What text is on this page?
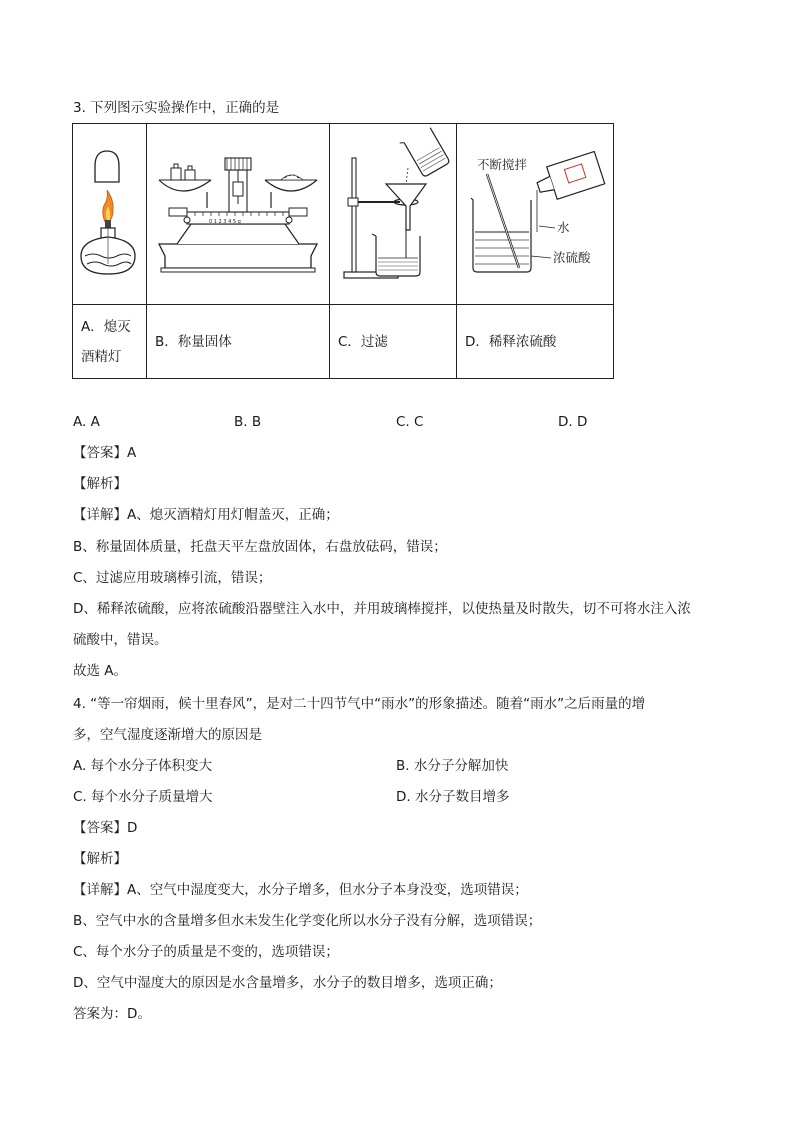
3. 下列图示实验操作中，正确的是

0 1 2 3 4 5 g		不断搅拌
水
浓硫酸

A．熄灭
酒精灯	B．称量固体	C．过滤	D．稀释浓硫酸
A. A	B. B	C. C	D. D
【答案】A
【解析】
【详解】A、熄灭酒精灯用灯帽盖灭，正确；
B、称量固体质量，托盘天平左盘放固体，右盘放砝码，错误；
C、过滤应用玻璃棒引流，错误；
D、稀释浓硫酸，应将浓硫酸沿器壁注入水中，并用玻璃棒搅拌，以使热量及时散失，切不可将水注入浓
硫酸中，错误。
故选 A。
4. “等一帘烟雨，候十里春风”，是对二十四节气中“雨水”的形象描述。随着“雨水”之后雨量的增
多，空气湿度逐渐增大的原因是
A. 每个水分子体积变大	B. 水分子分解加快
C. 每个水分子质量增大	D. 水分子数目增多
【答案】D
【解析】
【详解】A、空气中湿度变大，水分子增多，但水分子本身没变，选项错误；
B、空气中水的含量增多但水未发生化学变化所以水分子没有分解，选项错误；
C、每个水分子的质量是不变的，选项错误；
D、空气中湿度大的原因是水含量增多，水分子的数目增多，选项正确；
答案为：D。
